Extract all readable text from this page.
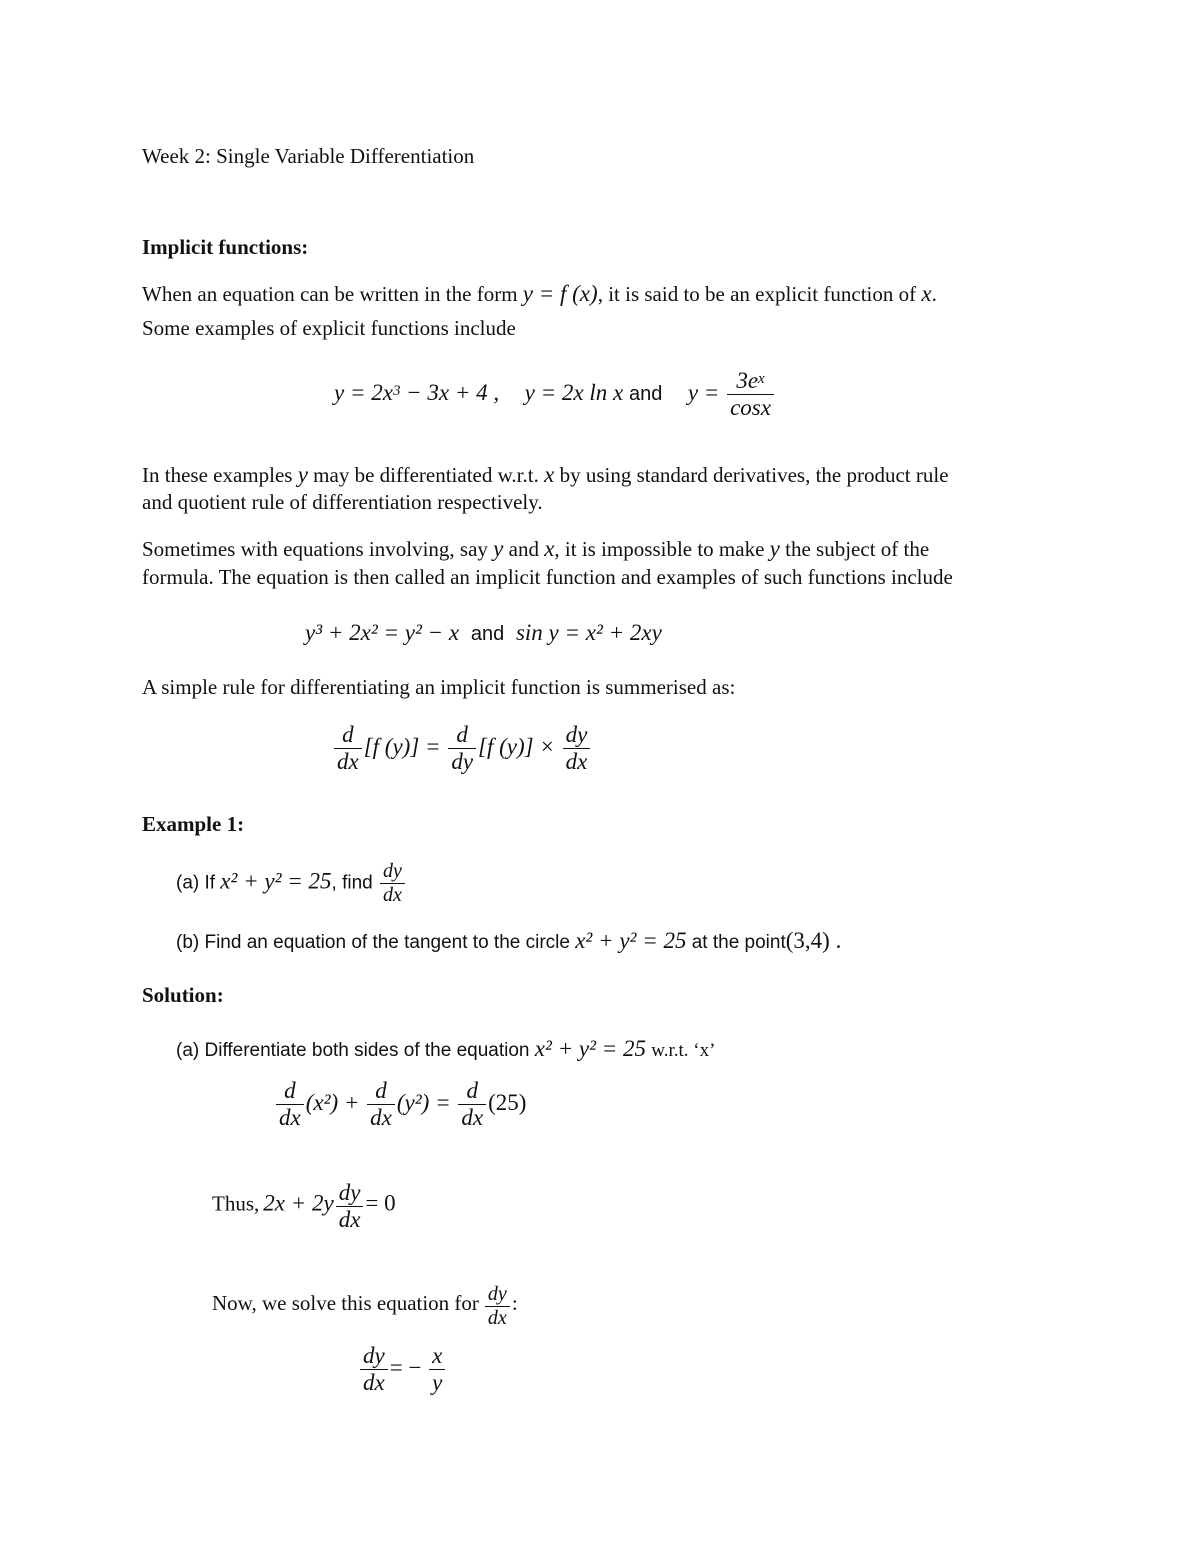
Week 2: Single Variable Differentiation
Implicit functions:
When an equation can be written in the form y = f (x), it is said to be an explicit function of x.
Some examples of explicit functions include
$y = 2x^3 - 3x + 4$ , y = 2x ln x and $y = \frac{3e^x}{\cos x}$
In these examples y may be differentiated w.r.t. x by using standard derivatives, the product rule
and quotient rule of differentiation respectively.
Sometimes with equations involving, say y and x, it is impossible to make y the subject of the
formula. The equation is then called an implicit function and examples of such functions include
y³ + 2x² = y² − x and sin y = x² + 2xy
A simple rule for differentiating an implicit function is summerised as:
$\frac{d}{dx} [f$ $(y)] = \frac{d}{dy} [f$ $(y)] \times \frac{dy}{dx}$
Example 1:
(a) If x² + y² = 25, find $\frac{dy}{dx}$
(b) Find an equation of the tangent to the circle x² + y² = 25 at the point(3,4) .
Solution:
(a) Differentiate both sides of the equation x² + y² = 25 w.r.t. ‘x’
$\frac{d}{dx} (x^2) + \frac{d}{dx} (y^2) = \frac{d}{dx} (25)$
Thus, $2x + 2y \frac{dy}{dx} = 0$
Now, we solve this equation for $\frac{dy}{dx}$ :
$\frac{dy}{dx}$ = − $\frac{x}{y}$
